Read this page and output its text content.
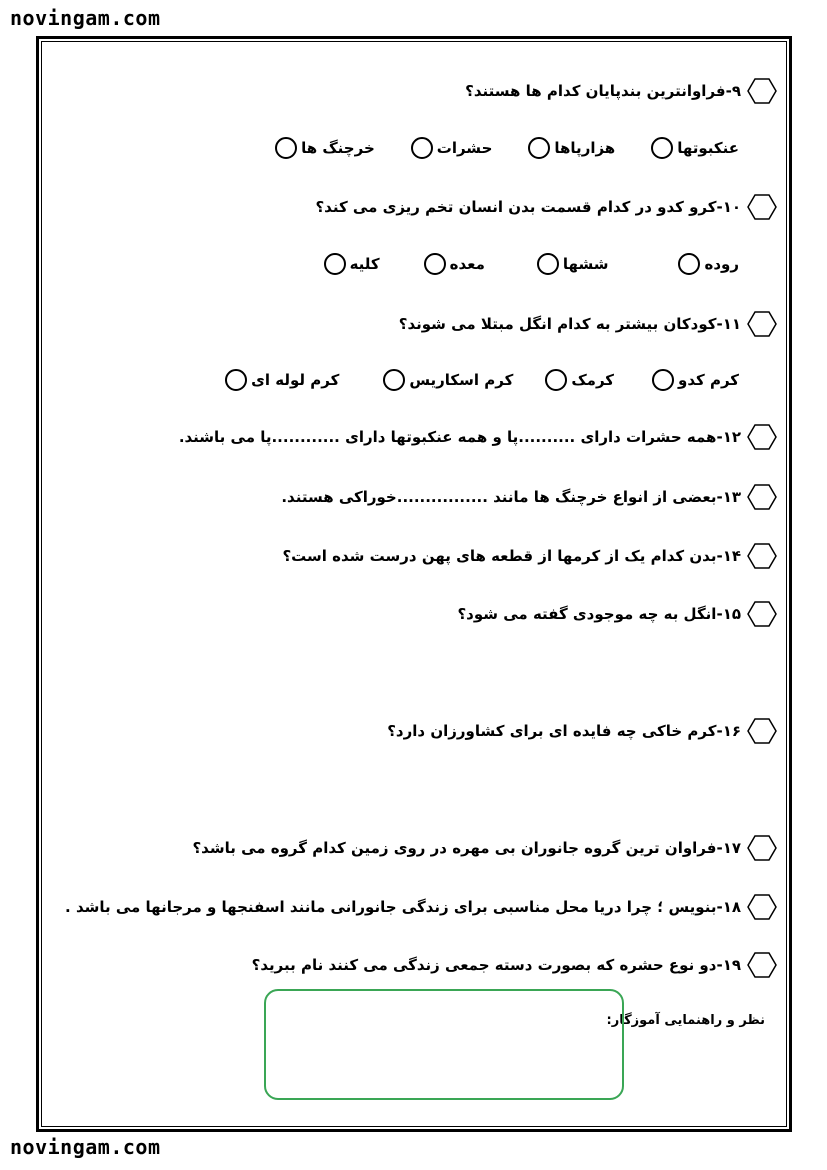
novingam.com
۹-فراوانترین بندپایان کدام ها هستند؟
عنکبوتها
هزارپاها
حشرات
خرچنگ ها
۱۰-کرو کدو در کدام قسمت بدن انسان تخم ریزی می کند؟
روده
ششها
معده
کلیه
۱۱-کودکان بیشتر به کدام انگل مبتلا می شوند؟
کرم کدو
کرمک
کرم اسکاریس
کرم لوله ای
۱۲-همه حشرات دارای ..........پا و همه عنکبوتها دارای ............پا می باشند.
۱۳-بعضی از انواع خرچنگ ها مانند ................خوراکی هستند.
۱۴-بدن کدام یک از کرمها از قطعه های پهن درست شده است؟
۱۵-انگل به چه موجودی گفته می شود؟
۱۶-کرم خاکی چه فایده ای برای کشاورزان دارد؟
۱۷-فراوان ترین گروه جانوران بی مهره در روی زمین کدام گروه می باشد؟
۱۸-بنویس ؛ چرا دریا محل مناسبی برای زندگی جانورانی مانند اسفنجها و مرجانها می باشد .
۱۹-دو نوع حشره که بصورت دسته جمعی زندگی می کنند نام ببرید؟
نظر و راهنمایی آموزگار:
novingam.com
